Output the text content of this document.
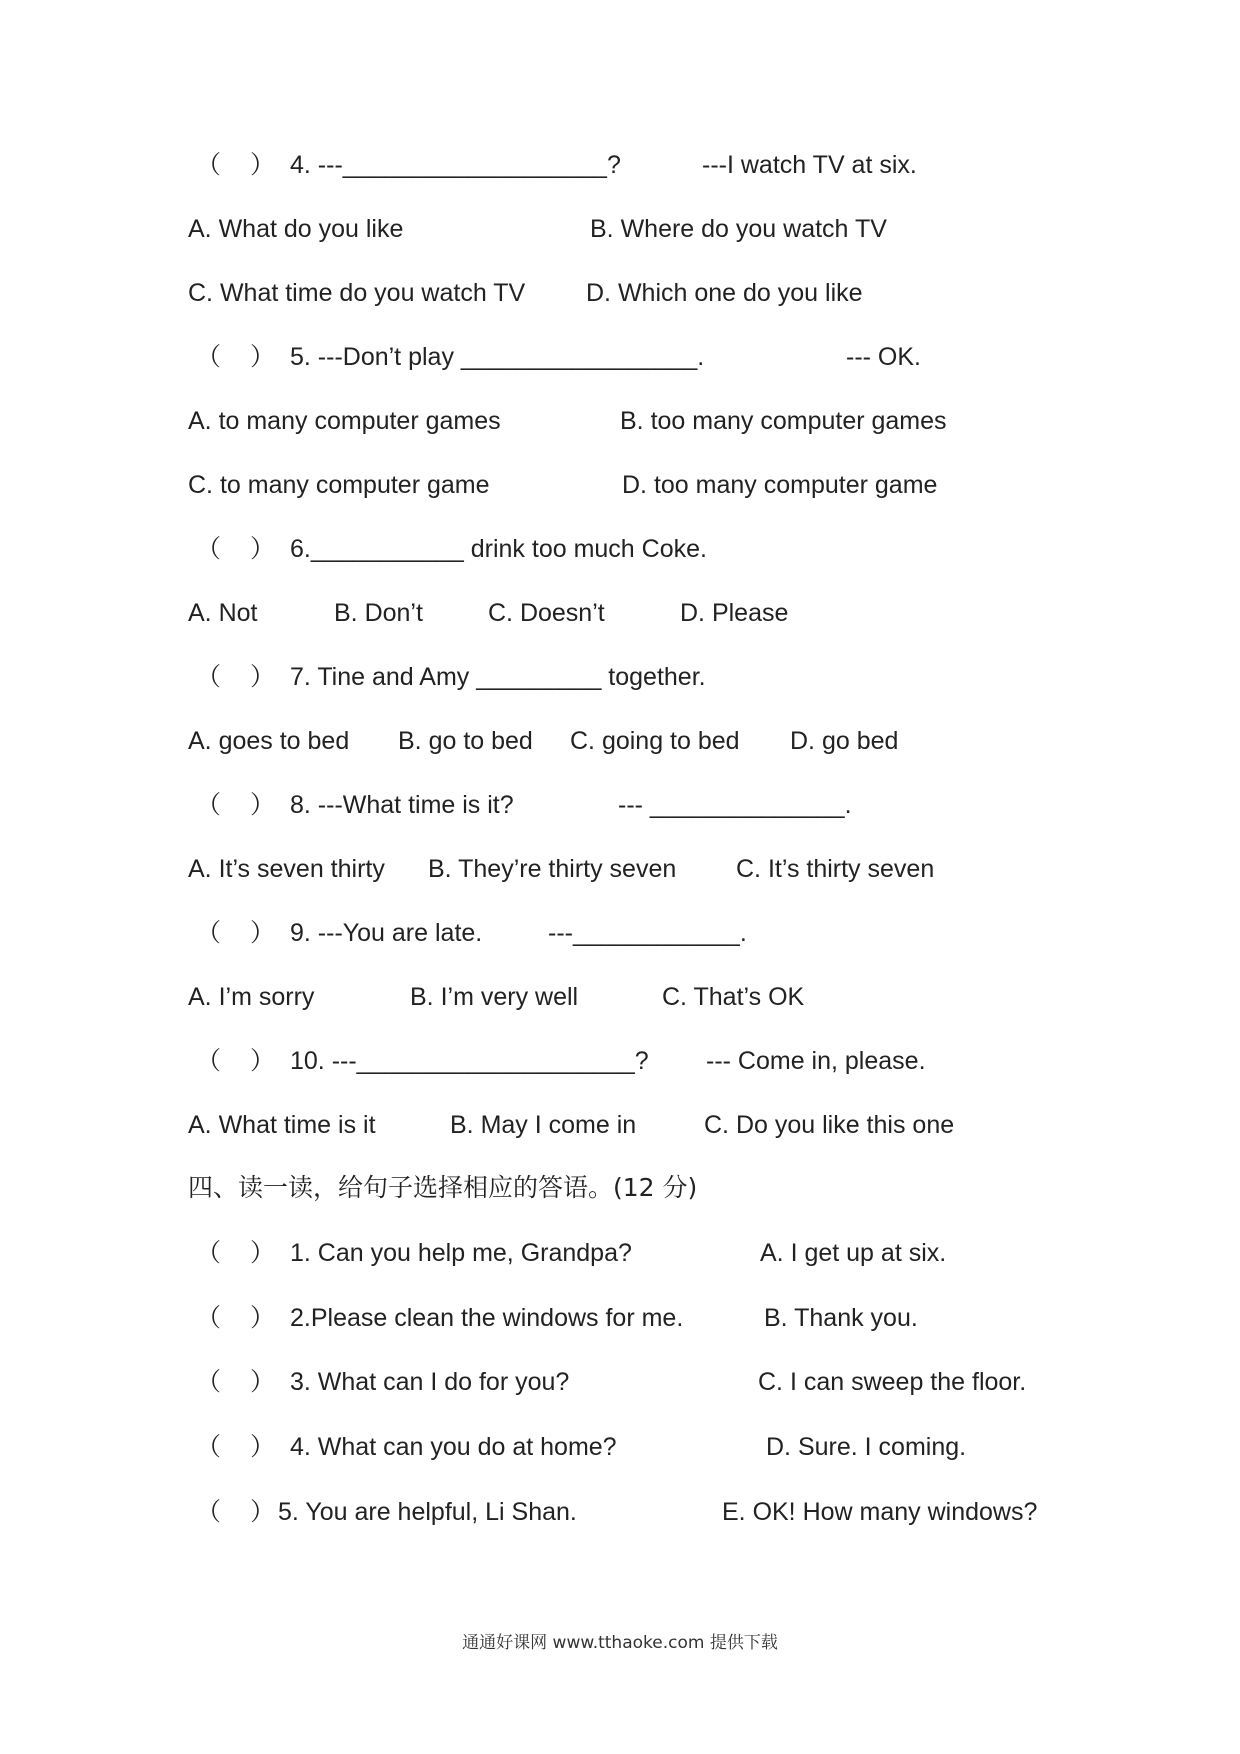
（ ） 4. ---___________________?	---I watch TV at six.
A. What do you like	B. Where do you watch TV
C. What time do you watch TV D. Which one do you like
（ ） 5. ---Don’t play _________________.	--- OK.
A. to many computer games	B. too many computer games
C. to many computer game	D. too many computer game
（ ） 6.___________ drink too much Coke.
A. Not	B. Don’t	C. Doesn’t	D. Please
（ ） 7. Tine and Amy _________ together.
A. goes to bed B. go to bed C. going to bed D. go bed
（ ） 8. ---What time is it?	--- ______________.
A. It’s seven thirty B. They’re thirty seven C. It’s thirty seven
（ ） 9. ---You are late.	---____________.
A. I’m sorry	B. I’m very well	C. That’s OK
（ ） 10. ---____________________? --- Come in, please.
A. What time is it	B. May I come in	C. Do you like this one
四、读一读，给句子选择相应的答语。(12 分)
（ ） 1. Can you help me, Grandpa?	A. I get up at six.
（ ） 2.Please clean the windows for me.	B. Thank you.
（ ） 3. What can I do for you?	C. I can sweep the floor.
（ ） 4. What can you do at home?	D. Sure. I coming.
（ ） 5. You are helpful, Li Shan.	E. OK! How many windows?
通通好课网 www.tthaoke.com 提供下载
